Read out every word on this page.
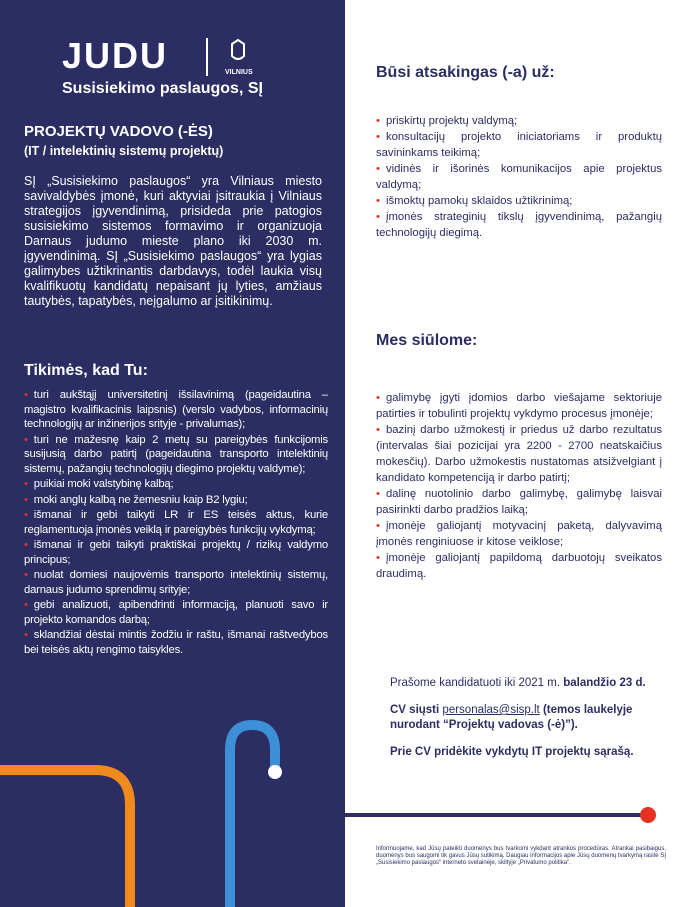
JUDU	VILNIUS
Susisiekimo paslaugos, SĮ
PROJEKTŲ VADOVO (-ĖS)
(IT / intelektinių sistemų projektų)
SĮ „Susisiekimo paslaugos“ yra Vilniaus miesto savivaldybės įmonė, kuri aktyviai įsitraukia į Vilniaus strategijos įgyvendinimą, prisideda prie patogios susisiekimo sistemos formavimo ir organizuoja Darnaus judumo mieste plano iki 2030 m. įgyvendinimą. SĮ „Susisiekimo paslaugos“ yra lygias galimybes užtikrinantis darbdavys, todėl laukia visų kvalifikuotų kandidatų nepaisant jų lyties, amžiaus tautybės, tapatybės, neįgalumo ar įsitikinimų.
Tikimės, kad Tu:
• turi aukštąjį universitetinį išsilavinimą (pageidautina – magistro kvalifikacinis laipsnis) (verslo vadybos, informacinių technologijų ar inžinerijos srityje - privalumas);
• turi ne mažesnę kaip 2 metų su pareigybės funkcijomis susijusią darbo patirtį (pageidautina transporto intelektinių sistemų, pažangių technologijų diegimo projektų valdyme);
• puikiai moki valstybinę kalbą;
• moki anglų kalbą ne žemesniu kaip B2 lygiu;
• išmanai ir gebi taikyti LR ir ES teisės aktus, kurie reglamentuoja įmonės veiklą ir pareigybės funkcijų vykdymą;
• išmanai ir gebi taikyti praktiškai projektų / rizikų valdymo principus;
• nuolat domiesi naujovėmis transporto intelektinių sistemų, darnaus judumo sprendimų srityje;
• gebi analizuoti, apibendrinti informaciją, planuoti savo ir projekto komandos darbą;
• sklandžiai dėstai mintis žodžiu ir raštu, išmanai raštvedybos bei teisės aktų rengimo taisykles.
Būsi atsakingas (-a) už:
• priskirtų projektų valdymą;
• konsultacijų projekto iniciatoriams ir produktų savininkams teikimą;
• vidinės ir išorinės komunikacijos apie projektus valdymą;
• išmoktų pamokų sklaidos užtikrinimą;
• įmonės strateginių tikslų įgyvendinimą, pažangių technologijų diegimą.
Mes siūlome:
• galimybę įgyti įdomios darbo viešajame sektoriuje patirties ir tobulinti projektų vykdymo procesus įmonėje;
• bazinį darbo užmokestį ir priedus už darbo rezultatus (intervalas šiai pozicijai yra 2200 - 2700 neatskaičius mokesčių). Darbo užmokestis nustatomas atsižvelgiant į kandidato kompetenciją ir darbo patirtį;
• dalinę nuotolinio darbo galimybę, galimybę laisvai pasirinkti darbo pradžios laiką;
• įmonėje galiojantį motyvacinį paketą, dalyvavimą įmonės renginiuose ir kitose veiklose;
• įmonėje galiojantį papildomą darbuotojų sveikatos draudimą.

Prašome kandidatuoti iki 2021 m. balandžio 23 d.

CV siųsti personalas@sisp.lt (temos laukelyje nurodant “Projektų vadovas (-ė)”).

Prie CV pridėkite vykdytų IT projektų sąrašą.

Informuojame, kad Jūsų pateikti duomenys bus tvarkomi vykdant atrankos procedūras. Atrankai pasibaigus, duomenys bus saugomi tik gavus Jūsų sutikimą. Daugiau informacijos apie Jūsų duomenų tvarkymą rasite SĮ „Susisiekimo paslaugos“ interneto svetainėje, skiltyje „Privatumo politika“.
